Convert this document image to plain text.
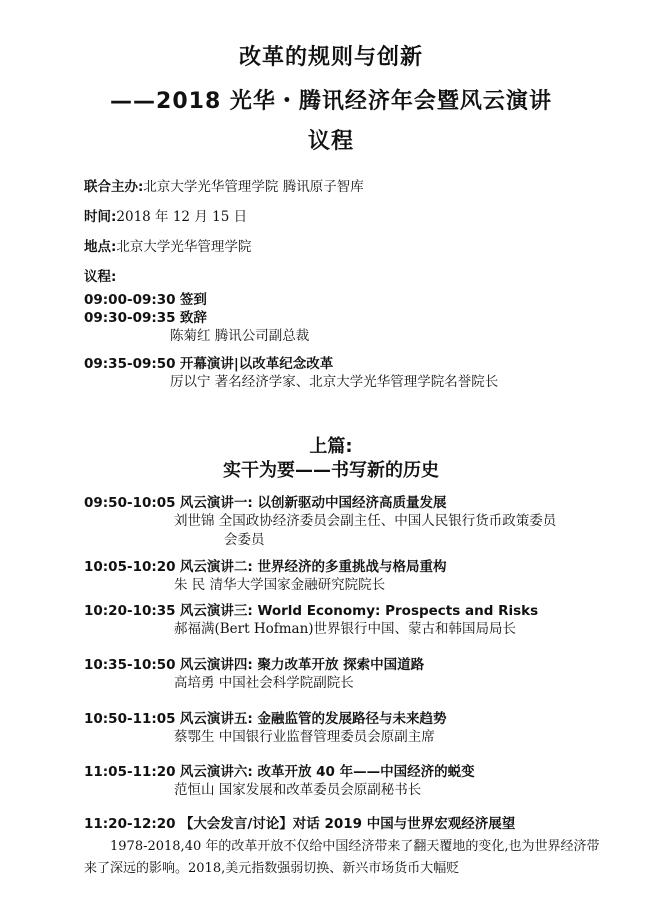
改革的规则与创新
——2018 光华・腾讯经济年会暨风云演讲
议程

联合主办:北京大学光华管理学院 腾讯原子智库

时间:2018 年 12 月 15 日

地点:北京大学光华管理学院

议程:

09:00-09:30 签到
09:30-09:35 致辞
陈菊红 腾讯公司副总裁
09:35-09:50 开幕演讲|以改革纪念改革
厉以宁 著名经济学家、北京大学光华管理学院名誉院长
上篇:
实干为要——书写新的历史
09:50-10:05 风云演讲一: 以创新驱动中国经济高质量发展
刘世锦 全国政协经济委员会副主任、中国人民银行货币政策委员
会委员
10:05-10:20 风云演讲二: 世界经济的多重挑战与格局重构
朱 民 清华大学国家金融研究院院长
10:20-10:35 风云演讲三: World Economy: Prospects and Risks
郝福满(Bert Hofman)世界银行中国、蒙古和韩国局局长
10:35-10:50 风云演讲四: 聚力改革开放 探索中国道路
高培勇 中国社会科学院副院长
10:50-11:05 风云演讲五: 金融监管的发展路径与未来趋势
蔡鄂生 中国银行业监督管理委员会原副主席
11:05-11:20 风云演讲六: 改革开放 40 年——中国经济的蜕变
范恒山 国家发展和改革委员会原副秘书长
11:20-12:20 【大会发言/讨论】对话 2019 中国与世界宏观经济展望

1978-2018,40 年的改革开放不仅给中国经济带来了翻天覆地的变化,也为世界经济带来了深远的影响。2018,美元指数强弱切换、新兴市场货币大幅贬
